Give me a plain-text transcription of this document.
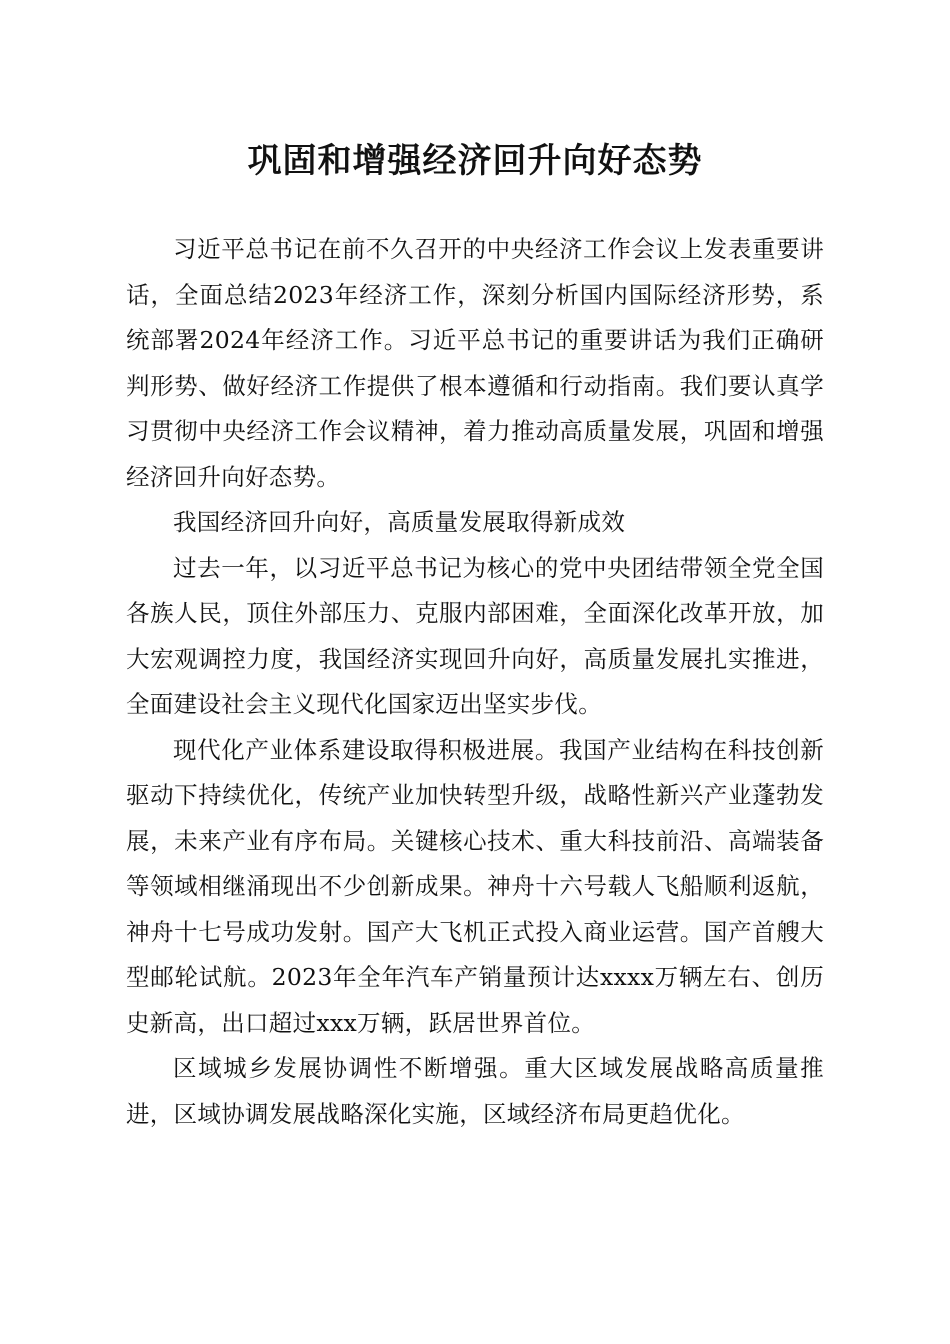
巩固和增强经济回升向好态势

习近平总书记在前不久召开的中央经济工作会议上发表重要讲话，全面总结2023年经济工作，深刻分析国内国际经济形势，系统部署2024年经济工作。习近平总书记的重要讲话为我们正确研判形势、做好经济工作提供了根本遵循和行动指南。我们要认真学习贯彻中央经济工作会议精神，着力推动高质量发展，巩固和增强经济回升向好态势。

我国经济回升向好，高质量发展取得新成效

过去一年，以习近平总书记为核心的党中央团结带领全党全国各族人民，顶住外部压力、克服内部困难，全面深化改革开放，加大宏观调控力度，我国经济实现回升向好，高质量发展扎实推进，全面建设社会主义现代化国家迈出坚实步伐。

现代化产业体系建设取得积极进展。我国产业结构在科技创新驱动下持续优化，传统产业加快转型升级，战略性新兴产业蓬勃发展，未来产业有序布局。关键核心技术、重大科技前沿、高端装备等领域相继涌现出不少创新成果。神舟十六号载人飞船顺利返航，神舟十七号成功发射。国产大飞机正式投入商业运营。国产首艘大型邮轮试航。2023年全年汽车产销量预计达xxxx万辆左右、创历史新高，出口超过xxx万辆，跃居世界首位。

区域城乡发展协调性不断增强。重大区域发展战略高质量推进，区域协调发展战略深化实施，区域经济布局更趋优化。
